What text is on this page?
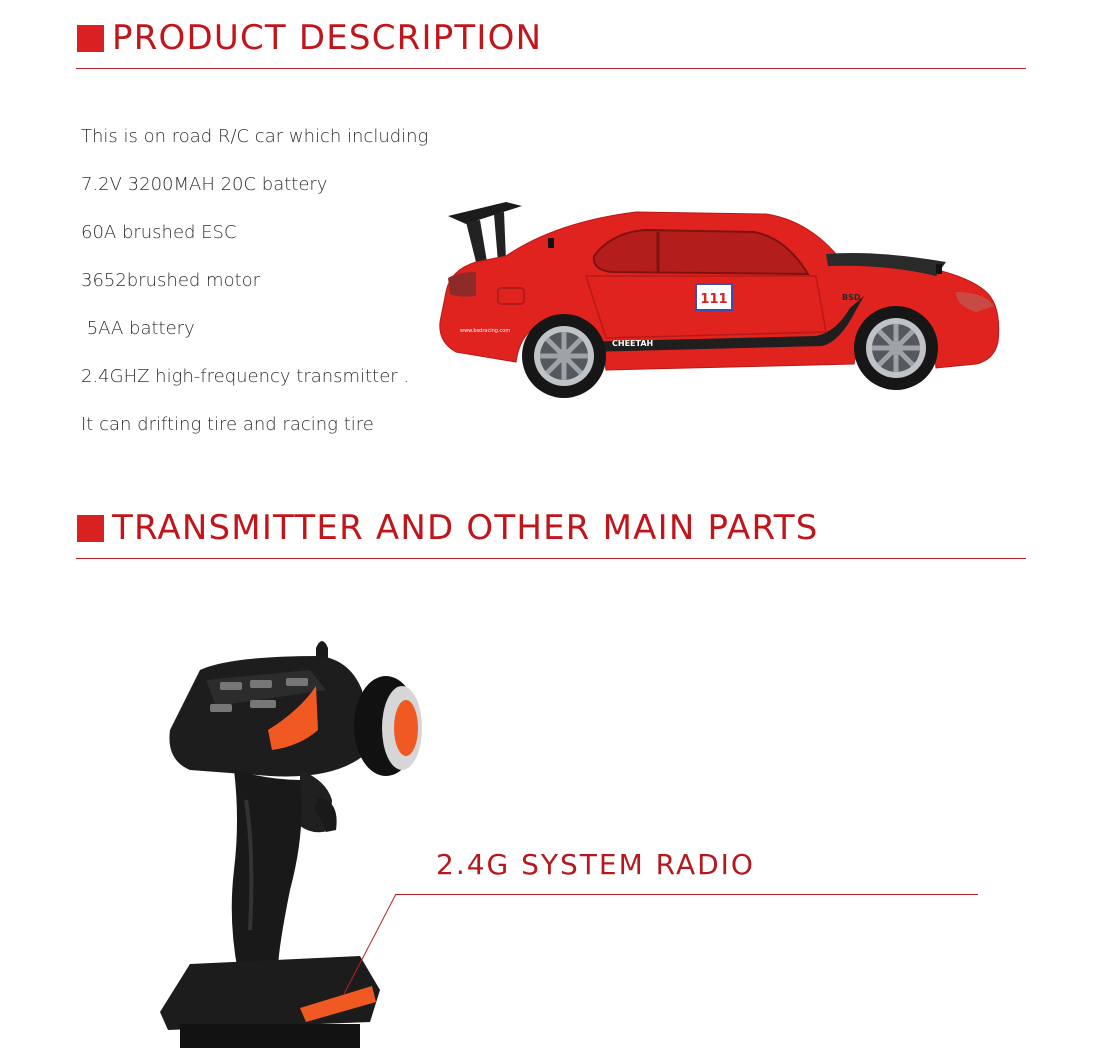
PRODUCT DESCRIPTION
This is on road R/C car which including
7.2V 3200MAH 20C battery
60A brushed ESC
3652brushed motor
5AA battery
2.4GHZ high-frequency transmitter .
It can drifting tire and racing tire
111
CHEETAH
www.bsdracing.com
BSD
TRANSMITTER AND OTHER MAIN PARTS
2.4G SYSTEM RADIO
